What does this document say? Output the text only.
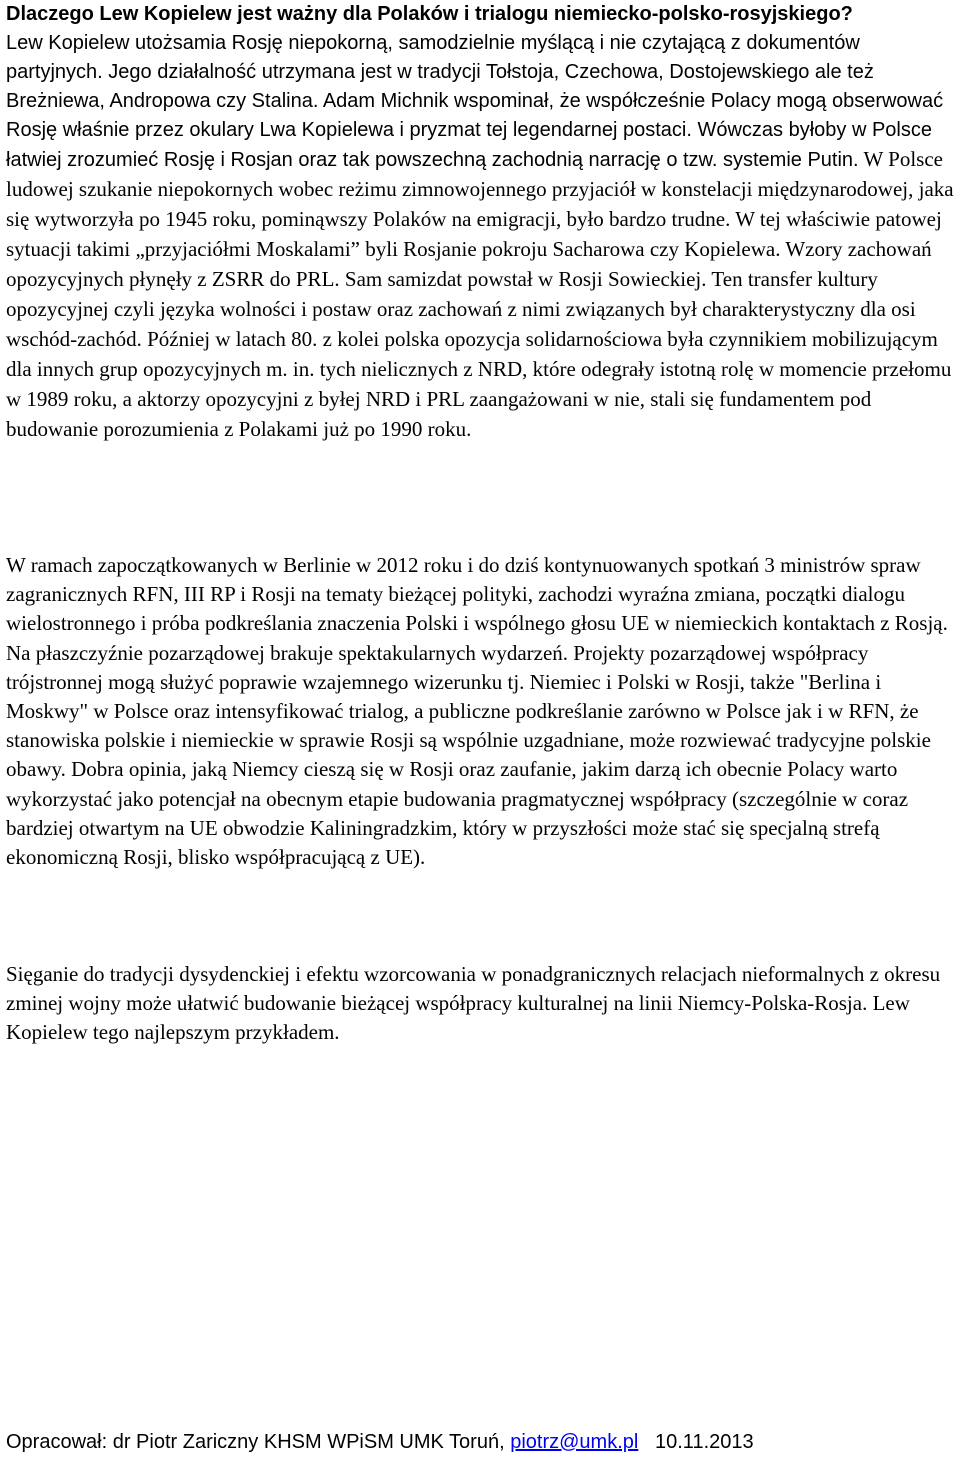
Dlaczego Lew Kopielew jest ważny dla Polaków i trialogu niemiecko-polsko-rosyjskiego?

Lew Kopielew utożsamia Rosję niepokorną, samodzielnie myślącą i nie czytającą z dokumentów partyjnych. Jego działalność utrzymana jest w tradycji Tołstoja, Czechowa, Dostojewskiego ale też Breżniewa, Andropowa czy Stalina. Adam Michnik wspominał, że współcześnie Polacy mogą obserwować Rosję właśnie przez okulary Lwa Kopielewa i pryzmat tej legendarnej postaci. Wówczas byłoby w Polsce łatwiej zrozumieć Rosję i Rosjan oraz tak powszechną zachodnią narrację o tzw. systemie Putin. W Polsce ludowej szukanie niepokornych wobec reżimu zimnowojennego przyjaciół w konstelacji międzynarodowej, jaka się wytworzyła po 1945 roku, pominąwszy Polaków na emigracji, było bardzo trudne. W tej właściwie patowej sytuacji takimi „przyjaciółmi Moskalami” byli Rosjanie pokroju Sacharowa czy Kopielewa. Wzory zachowań opozycyjnych płynęły z ZSRR do PRL. Sam samizdat powstał w Rosji Sowieckiej. Ten transfer kultury opozycyjnej czyli języka wolności i postaw oraz zachowań z nimi związanych był charakterystyczny dla osi wschód-zachód. Później w latach 80. z kolei polska opozycja solidarnościowa była czynnikiem mobilizującym dla innych grup opozycyjnych m. in. tych nielicznych z NRD, które odegrały istotną rolę w momencie przełomu w 1989 roku, a aktorzy opozycyjni z byłej NRD i PRL zaangażowani w nie, stali się fundamentem pod budowanie porozumienia z Polakami już po 1990 roku.

W ramach zapoczątkowanych w Berlinie w 2012 roku i do dziś kontynuowanych spotkań 3 ministrów spraw zagranicznych RFN, III RP i Rosji na tematy bieżącej polityki, zachodzi wyraźna zmiana, początki dialogu wielostronnego i próba podkreślania znaczenia Polski i wspólnego głosu UE w niemieckich kontaktach z Rosją. Na płaszczyźnie pozarządowej brakuje spektakularnych wydarzeń. Projekty pozarządowej współpracy trójstronnej mogą służyć poprawie wzajemnego wizerunku tj. Niemiec i Polski w Rosji, także "Berlina i Moskwy" w Polsce oraz intensyfikować trialog, a publiczne podkreślanie zarówno w Polsce jak i w RFN, że stanowiska polskie i niemieckie w sprawie Rosji są wspólnie uzgadniane, może rozwiewać tradycyjne polskie obawy. Dobra opinia, jaką Niemcy cieszą się w Rosji oraz zaufanie, jakim darzą ich obecnie Polacy warto wykorzystać jako potencjał na obecnym etapie budowania pragmatycznej współpracy (szczególnie w coraz bardziej otwartym na UE obwodzie Kaliningradzkim, który w przyszłości może stać się specjalną strefą ekonomiczną Rosji, blisko współpracującą z UE).

Sięganie do tradycji dysydenckiej i efektu wzorcowania w ponadgranicznych relacjach nieformalnych z okresu zminej wojny może ułatwić budowanie bieżącej współpracy kulturalnej na linii Niemcy-Polska-Rosja. Lew Kopielew tego najlepszym przykładem.

Opracował: dr Piotr Zariczny KHSM WPiSM UMK Toruń, piotrz@umk.pl 10.11.2013
